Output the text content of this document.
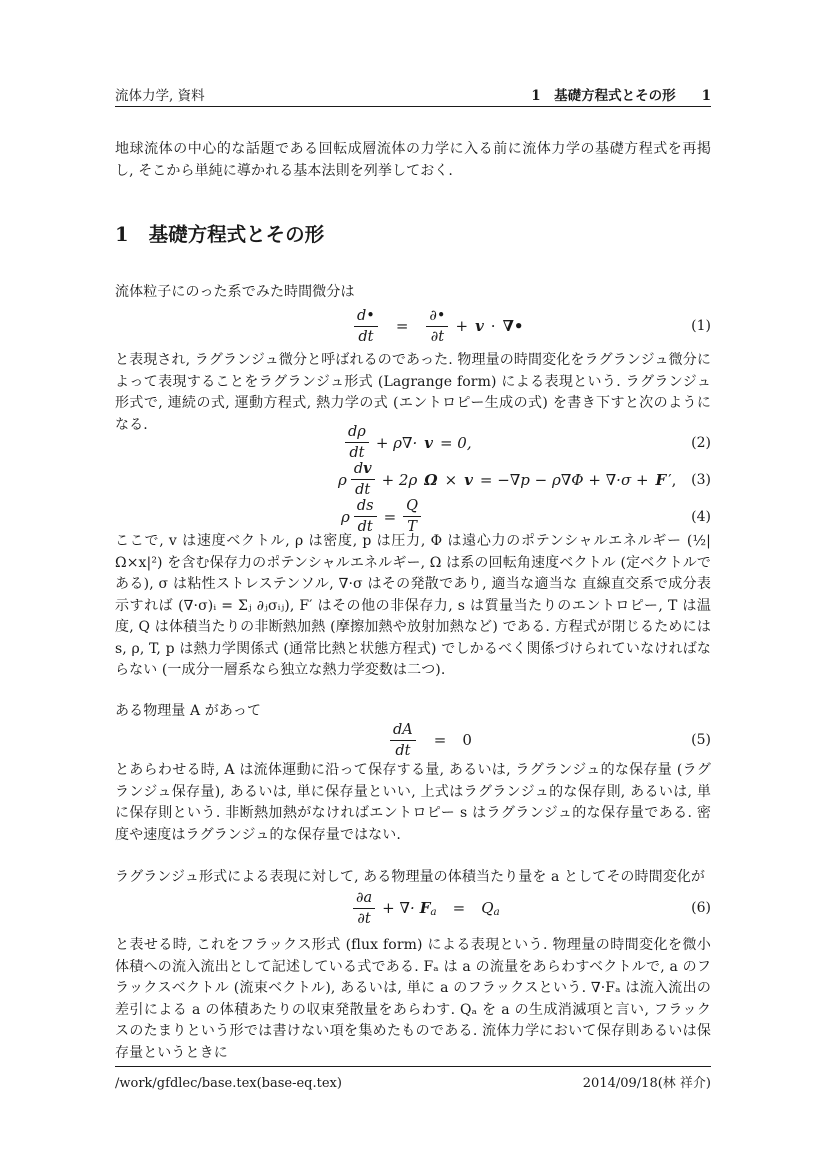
流体力学, 資料	1　基礎方程式とその形 1

地球流体の中心的な話題である回転成層流体の力学に入る前に流体力学の基礎方程式を再掲し, そこから単純に導かれる基本法則を列挙しておく.

1 基礎方程式とその形

流体粒子にのった系でみた時間微分は

$\frac{d•}{dt} = \frac{\partial•}{\partial t} + v$ · ∇•	(1)

と表現され, ラグランジュ微分と呼ばれるのであった. 物理量の時間変化をラグランジュ微分によって表現することをラグランジュ形式 (Lagrange form) による表現という. ラグランジュ形式で, 連続の式, 運動方程式, 熱力学の式 (エントロピー生成の式) を書き下すと次のようになる.	$\frac{d\rho}{dt} + \rho\nabla\cdot v = 0$,	(2)
ρ $\frac{dv}{dt} + 2\rho$ Ω × v = −∇p − ρ∇Φ + ∇·σ + F ′, (3)
ρ $\frac{ds}{dt} = \frac{Q}{T}$	(4)

ここで, v は速度ベクトル, ρ は密度, p は圧力, Φ は遠心力のポテンシャルエネルギー (½|Ω×x|²) を含む保存力のポテンシャルエネルギー, Ω は系の回転角速度ベクトル (定ベクトルである), σ は粘性ストレステンソル, ∇·σ はその発散であり, 適当な適当な 直線直交系で成分表示すれば (∇·σ)ᵢ = Σⱼ ∂ⱼσᵢⱼ), F′ はその他の非保存力, s は質量当たりのエントロピー, T は温度, Q は体積当たりの非断熱加熱 (摩擦加熱や放射加熱など) である. 方程式が閉じるためには s, ρ, T, p は熱力学関係式 (通常比熱と状態方程式) でしかるべく関係づけられていなければならない (一成分一層系なら独立な熱力学変数は二つ).

ある物理量 A があって

$\frac{dA}{dt} = 0$	(5)

とあらわせる時, A は流体運動に沿って保存する量, あるいは, ラグランジュ的な保存量 (ラグランジュ保存量), あるいは, 単に保存量といい, 上式はラグランジュ的な保存則, あるいは, 単に保存則という. 非断熱加熱がなければエントロピー s はラグランジュ的な保存量である. 密度や速度はラグランジュ的な保存量ではない.

ラグランジュ形式による表現に対して, ある物理量の体積当たり量を a としてその時間変化が

$\frac{\partial a}{\partial t}$ + ∇· F a = Q a	(6)

と表せる時, これをフラックス形式 (flux form) による表現という. 物理量の時間変化を微小体積への流入流出として記述している式である. Fₐ は a の流量をあらわすベクトルで, a のフラックスベクトル (流束ベクトル), あるいは, 単に a のフラックスという. ∇·Fₐ は流入流出の差引による a の体積あたりの収束発散量をあらわす. Qₐ を a の生成消滅項と言い, フラックスのたまりという形では書けない項を集めたものである. 流体力学において保存則あるいは保存量というときに

/work/gfdlec/base.tex(base-eq.tex)	2014/09/18(林 祥介)
